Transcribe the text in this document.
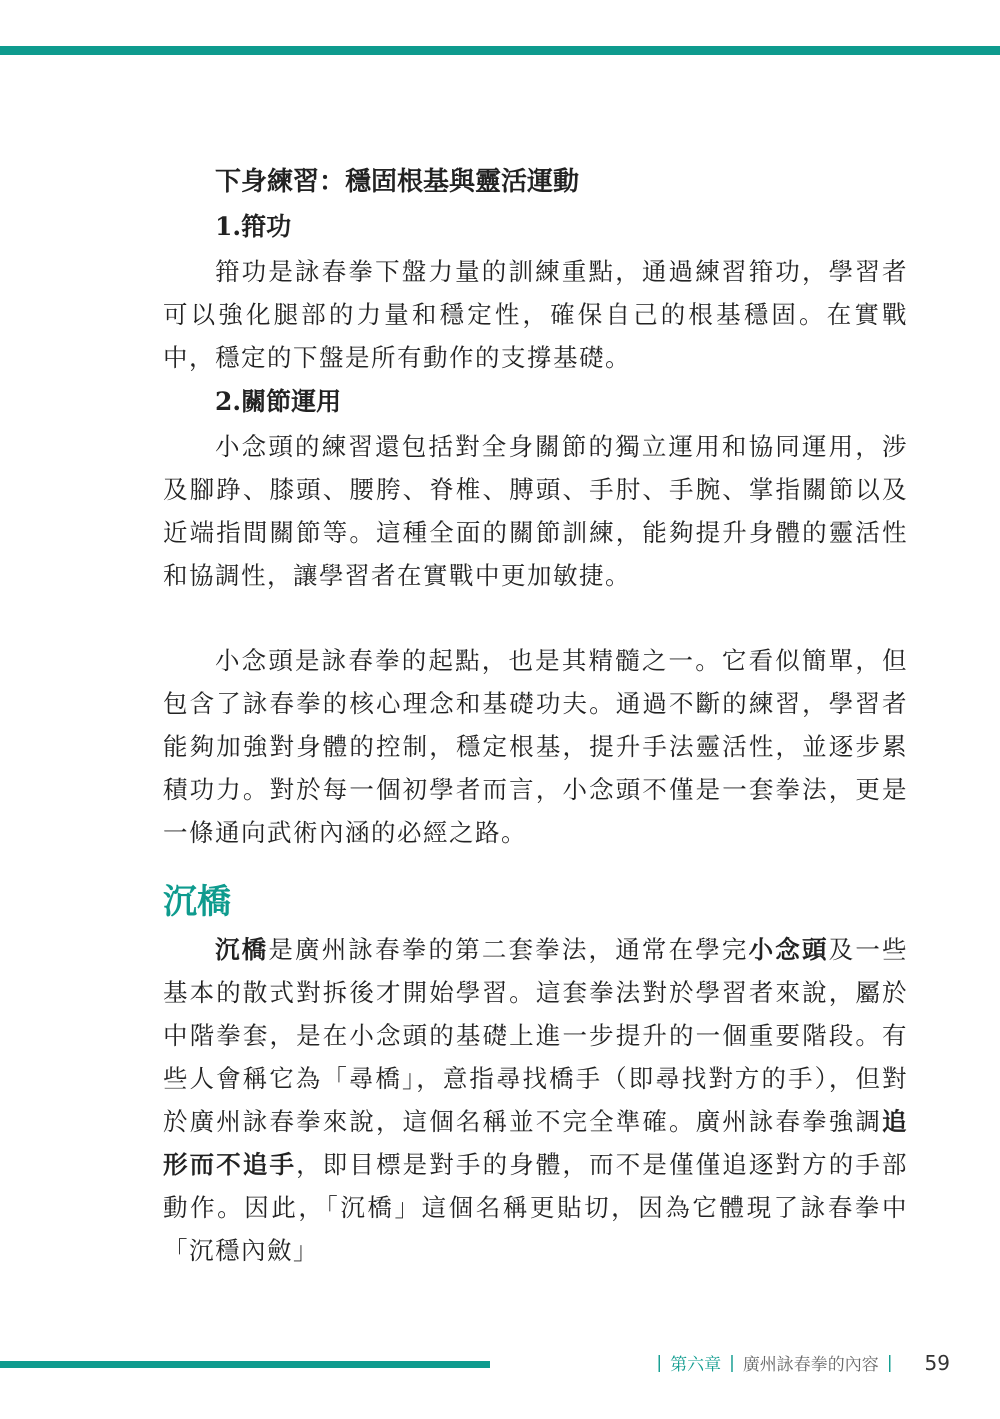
下身練習：穩固根基與靈活運動
1.箝功

箝功是詠春拳下盤力量的訓練重點，通過練習箝功，學習者可以強化腿部的力量和穩定性，確保自己的根基穩固。在實戰中，穩定的下盤是所有動作的支撐基礎。

2.關節運用

小念頭的練習還包括對全身關節的獨立運用和協同運用，涉及腳踭、膝頭、腰胯、脊椎、膊頭、手肘、手腕、掌指關節以及近端指間關節等。這種全面的關節訓練，能夠提升身體的靈活性和協調性，讓學習者在實戰中更加敏捷。

小念頭是詠春拳的起點，也是其精髓之一。它看似簡單，但包含了詠春拳的核心理念和基礎功夫。通過不斷的練習，學習者能夠加強對身體的控制，穩定根基，提升手法靈活性，並逐步累積功力。對於每一個初學者而言，小念頭不僅是一套拳法，更是一條通向武術內涵的必經之路。

沉橋

沉橋是廣州詠春拳的第二套拳法，通常在學完小念頭及一些基本的散式對拆後才開始學習。這套拳法對於學習者來說，屬於中階拳套，是在小念頭的基礎上進一步提升的一個重要階段。有些人會稱它為「尋橋」，意指尋找橋手（即尋找對方的手），但對於廣州詠春拳來說，這個名稱並不完全準確。廣州詠春拳強調追形而不追手，即目標是對手的身體，而不是僅僅追逐對方的手部動作。因此，「沉橋」這個名稱更貼切，因為它體現了詠春拳中「沉穩內斂」

| 第六章 | 廣州詠春拳的內容 | 59
